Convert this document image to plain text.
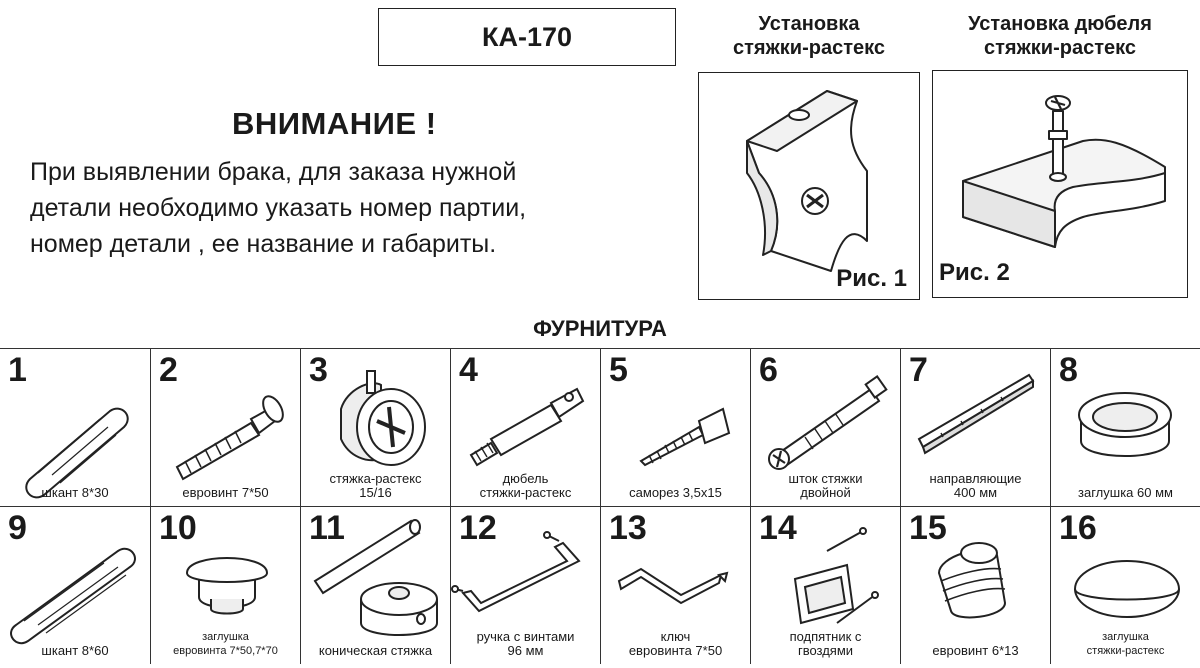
КА-170
ВНИМАНИЕ !
При выявлении брака, для заказа нужной
детали необходимо указать номер партии,
номер детали , ее название и габариты.
Установка
стяжки-растекс
Рис. 1
Установка дюбеля
стяжки-растекс
Рис. 2
ФУРНИТУРА
1
шкант 8*30
2
евровинт 7*50
3
стяжка-растекс
15/16
4
дюбель
стяжки-растекс
5
саморез 3,5х15
6
шток стяжки
двойной
7
направляющие
400 мм
8
заглушка 60 мм
9
шкант 8*60
10
заглушка
евровинта 7*50,7*70
11
коническая стяжка
12
ручка с винтами
96 мм
13
ключ
евровинта 7*50
14
подпятник с
гвоздями
15
евровинт 6*13
16
заглушка
стяжки-растекс
